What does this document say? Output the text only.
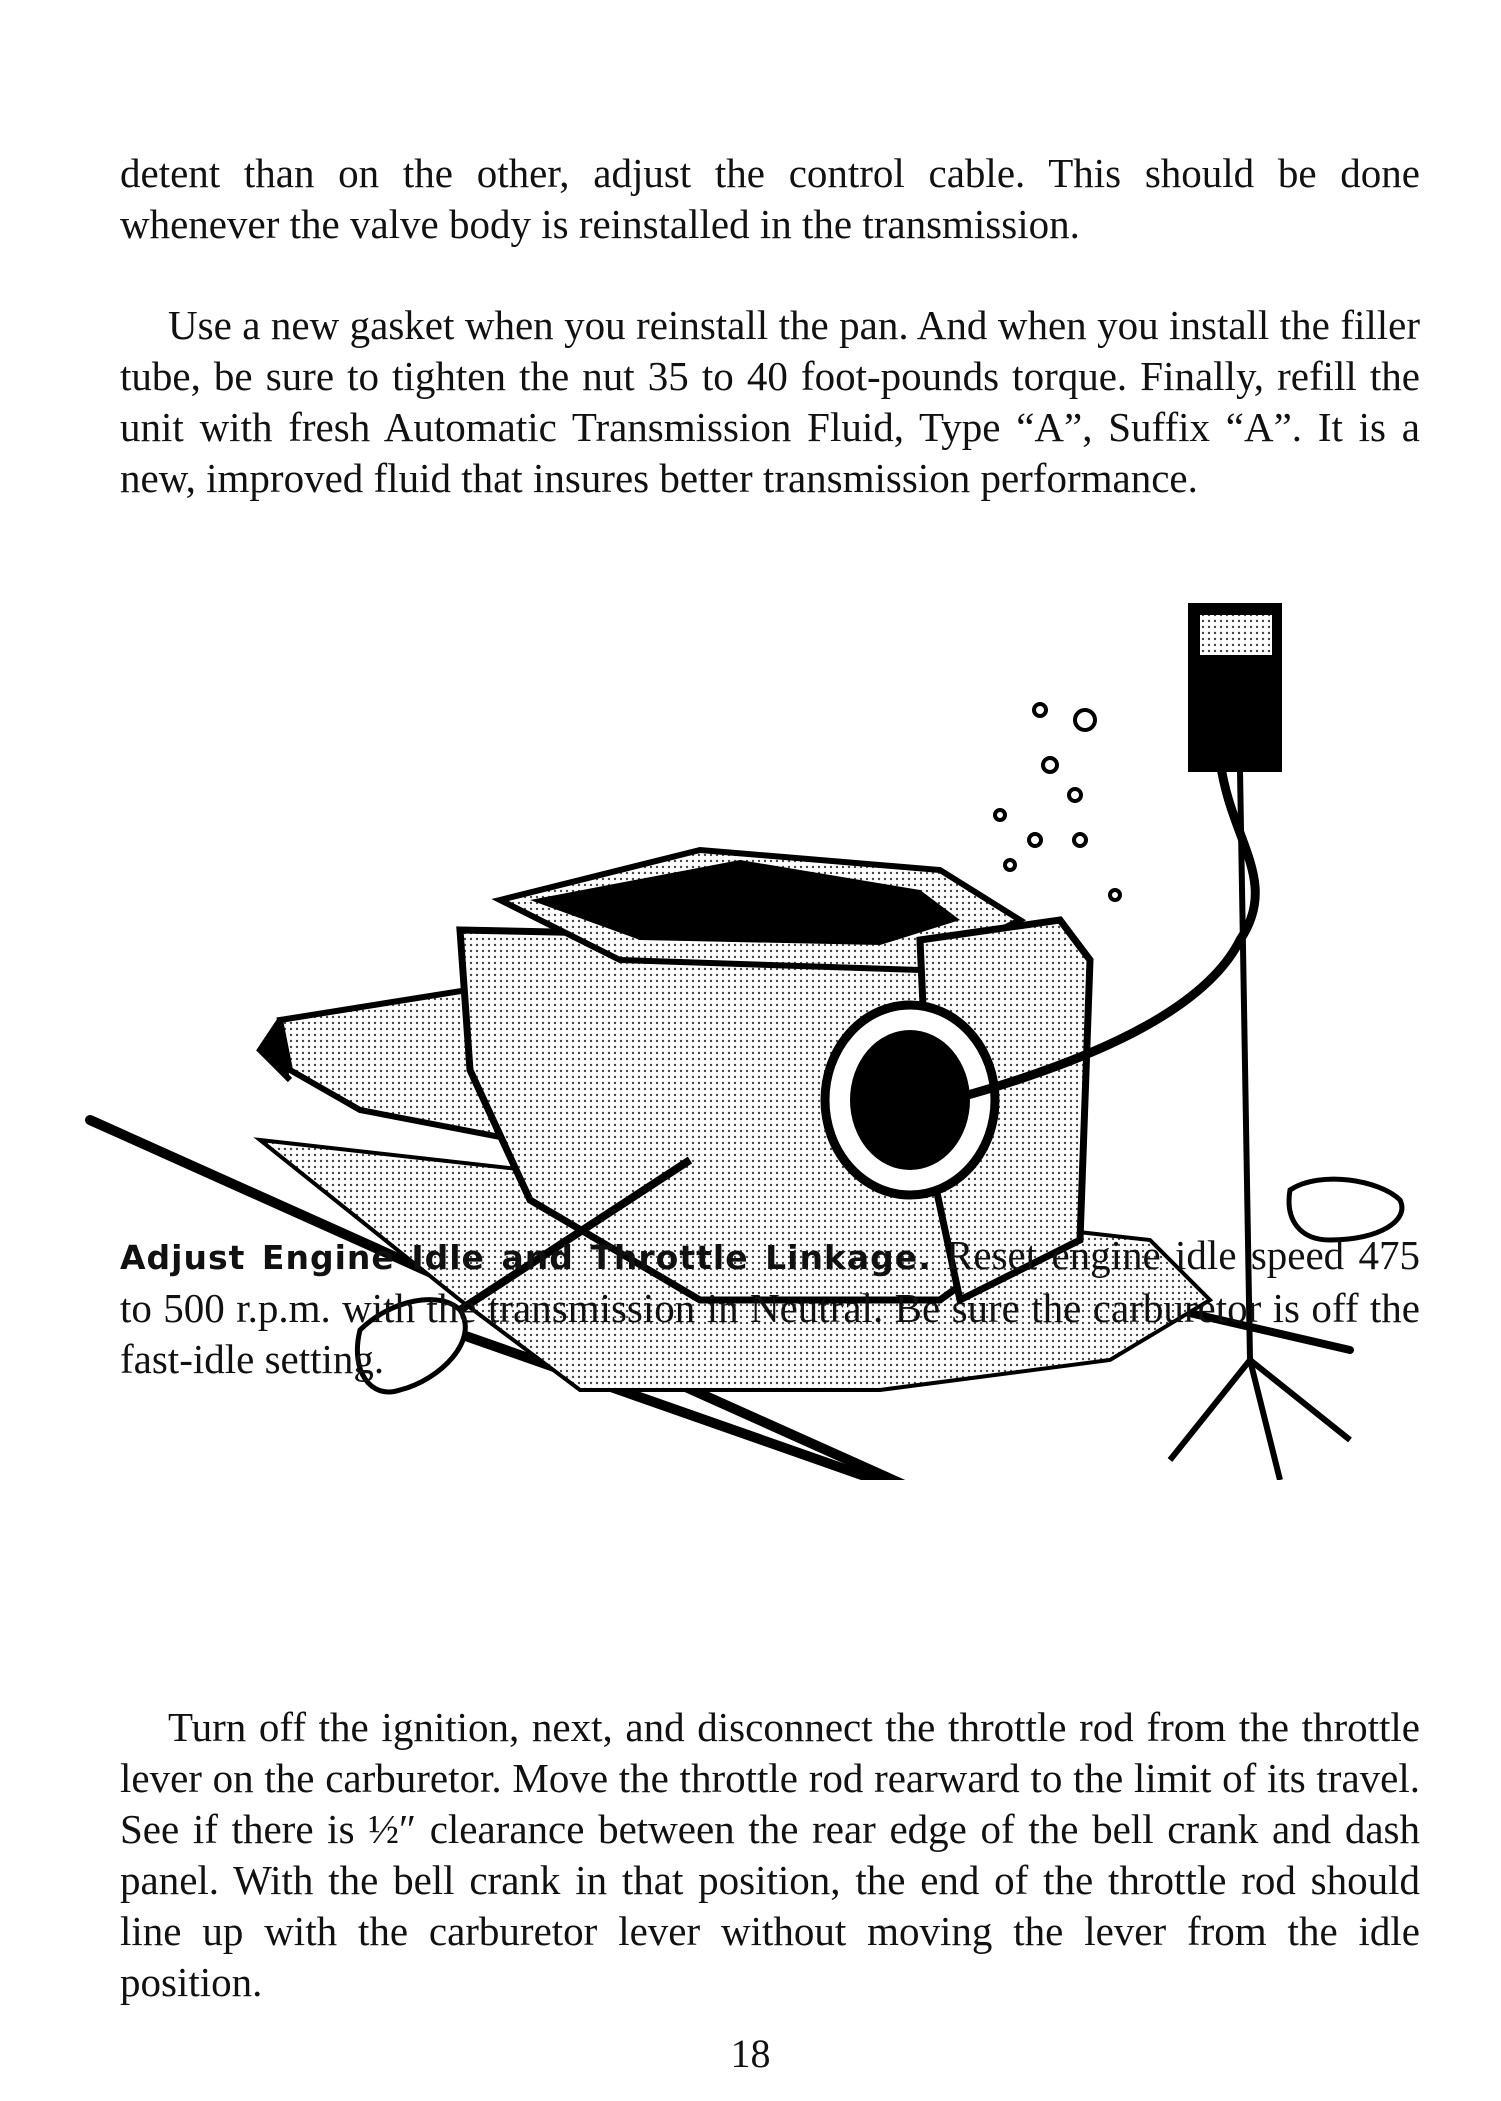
detent than on the other, adjust the control cable. This should be done whenever the valve body is reinstalled in the transmission.

Use a new gasket when you reinstall the pan. And when you install the filler tube, be sure to tighten the nut 35 to 40 foot-pounds torque. Finally, refill the unit with fresh Automatic Transmission Fluid, Type “A”, Suffix “A”. It is a new, improved fluid that insures better transmission performance.

Adjust Engine Idle and Throttle Linkage. Reset engine idle speed 475 to 500 r.p.m. with the transmission in Neutral. Be sure the carburetor is off the fast-idle setting.

Turn off the ignition, next, and disconnect the throttle rod from the throttle lever on the carburetor. Move the throttle rod rearward to the limit of its travel. See if there is ½″ clearance between the rear edge of the bell crank and dash panel. With the bell crank in that position, the end of the throttle rod should line up with the carburetor lever without moving the lever from the idle position.

18
